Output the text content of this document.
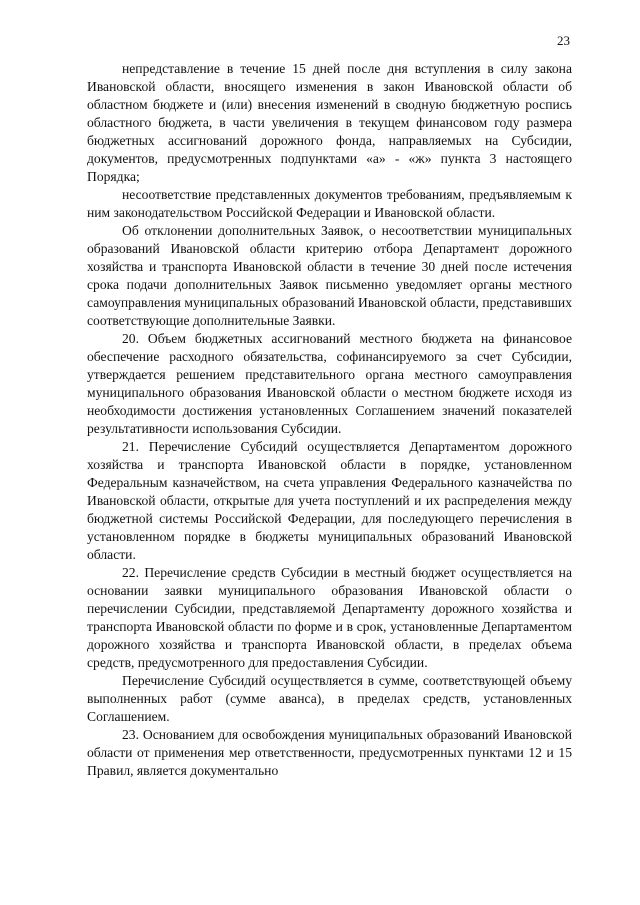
23

непредставление в течение 15 дней после дня вступления в силу закона Ивановской области, вносящего изменения в закон Ивановской области об областном бюджете и (или) внесения изменений в сводную бюджетную роспись областного бюджета, в части увеличения в текущем финансовом году размера бюджетных ассигнований дорожного фонда, направляемых на Субсидии, документов, предусмотренных подпунктами «а» - «ж» пункта 3 настоящего Порядка;

несоответствие представленных документов требованиям, предъявляемым к ним законодательством Российской Федерации и Ивановской области.

Об отклонении дополнительных Заявок, о несоответствии муниципальных образований Ивановской области критерию отбора Департамент дорожного хозяйства и транспорта Ивановской области в течение 30 дней после истечения срока подачи дополнительных Заявок письменно уведомляет органы местного самоуправления муниципальных образований Ивановской области, представивших соответствующие дополнительные Заявки.

20. Объем бюджетных ассигнований местного бюджета на финансовое обеспечение расходного обязательства, софинансируемого за счет Субсидии, утверждается решением представительного органа местного самоуправления муниципального образования Ивановской области о местном бюджете исходя из необходимости достижения установленных Соглашением значений показателей результативности использования Субсидии.

21. Перечисление Субсидий осуществляется Департаментом дорожного хозяйства и транспорта Ивановской области в порядке, установленном Федеральным казначейством, на счета управления Федерального казначейства по Ивановской области, открытые для учета поступлений и их распределения между бюджетной системы Российской Федерации, для последующего перечисления в установленном порядке в бюджеты муниципальных образований Ивановской области.

22. Перечисление средств Субсидии в местный бюджет осуществляется на основании заявки муниципального образования Ивановской области о перечислении Субсидии, представляемой Департаменту дорожного хозяйства и транспорта Ивановской области по форме и в срок, установленные Департаментом дорожного хозяйства и транспорта Ивановской области, в пределах объема средств, предусмотренного для предоставления Субсидии.

Перечисление Субсидий осуществляется в сумме, соответствующей объему выполненных работ (сумме аванса), в пределах средств, установленных Соглашением.

23. Основанием для освобождения муниципальных образований Ивановской области от применения мер ответственности, предусмотренных пунктами 12 и 15 Правил, является документально
